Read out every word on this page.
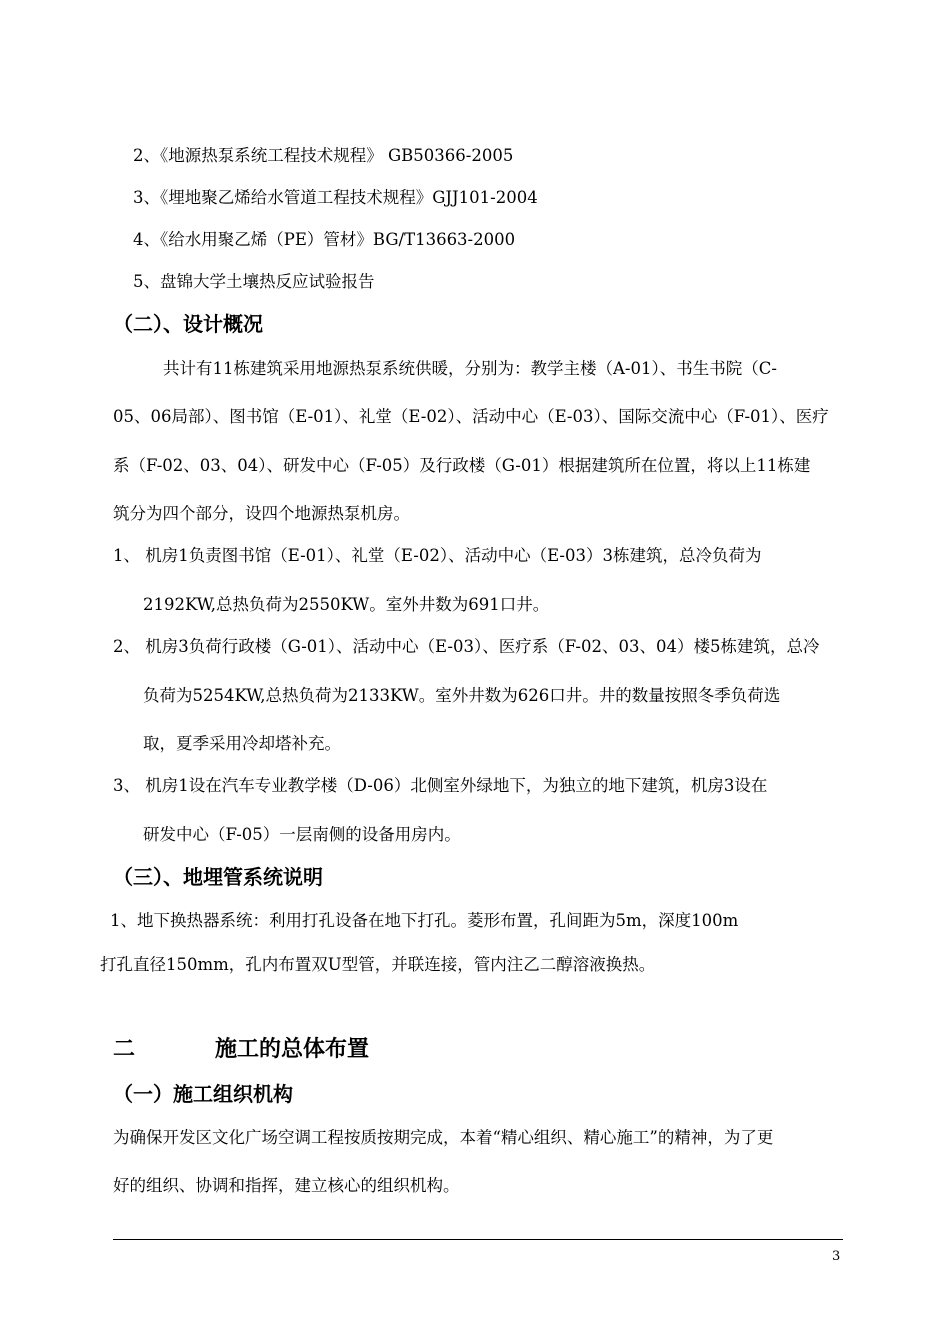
2、《地源热泵系统工程技术规程》 GB50366-2005
3、《埋地聚乙烯给水管道工程技术规程》GJJ101-2004
4、《给水用聚乙烯（PE）管材》BG/T13663-2000
5、盘锦大学土壤热反应试验报告
（二）、设计概况
共计有11栋建筑采用地源热泵系统供暖，分别为：教学主楼（A-01）、书生书院（C-
05、06局部）、图书馆（E-01）、礼堂（E-02）、活动中心（E-03）、国际交流中心（F-01）、医疗
系（F-02、03、04）、研发中心（F-05）及行政楼（G-01）根据建筑所在位置，将以上11栋建
筑分为四个部分，设四个地源热泵机房。
1、 机房1负责图书馆（E-01）、礼堂（E-02）、活动中心（E-03）3栋建筑，总冷负荷为
2192KW,总热负荷为2550KW。室外井数为691口井。
2、 机房3负荷行政楼（G-01）、活动中心（E-03）、医疗系（F-02、03、04）楼5栋建筑，总冷
负荷为5254KW,总热负荷为2133KW。室外井数为626口井。井的数量按照冬季负荷选
取，夏季采用冷却塔补充。
3、 机房1设在汽车专业教学楼（D-06）北侧室外绿地下，为独立的地下建筑，机房3设在
研发中心（F-05）一层南侧的设备用房内。
（三）、地埋管系统说明
1、地下换热器系统：利用打孔设备在地下打孔。菱形布置，孔间距为5m，深度100m
打孔直径150mm，孔内布置双U型管，并联连接，管内注乙二醇溶液换热。
二	施工的总体布置
（一）施工组织机构
为确保开发区文化广场空调工程按质按期完成，本着“精心组织、精心施工”的精神，为了更
好的组织、协调和指挥，建立核心的组织机构。
3
